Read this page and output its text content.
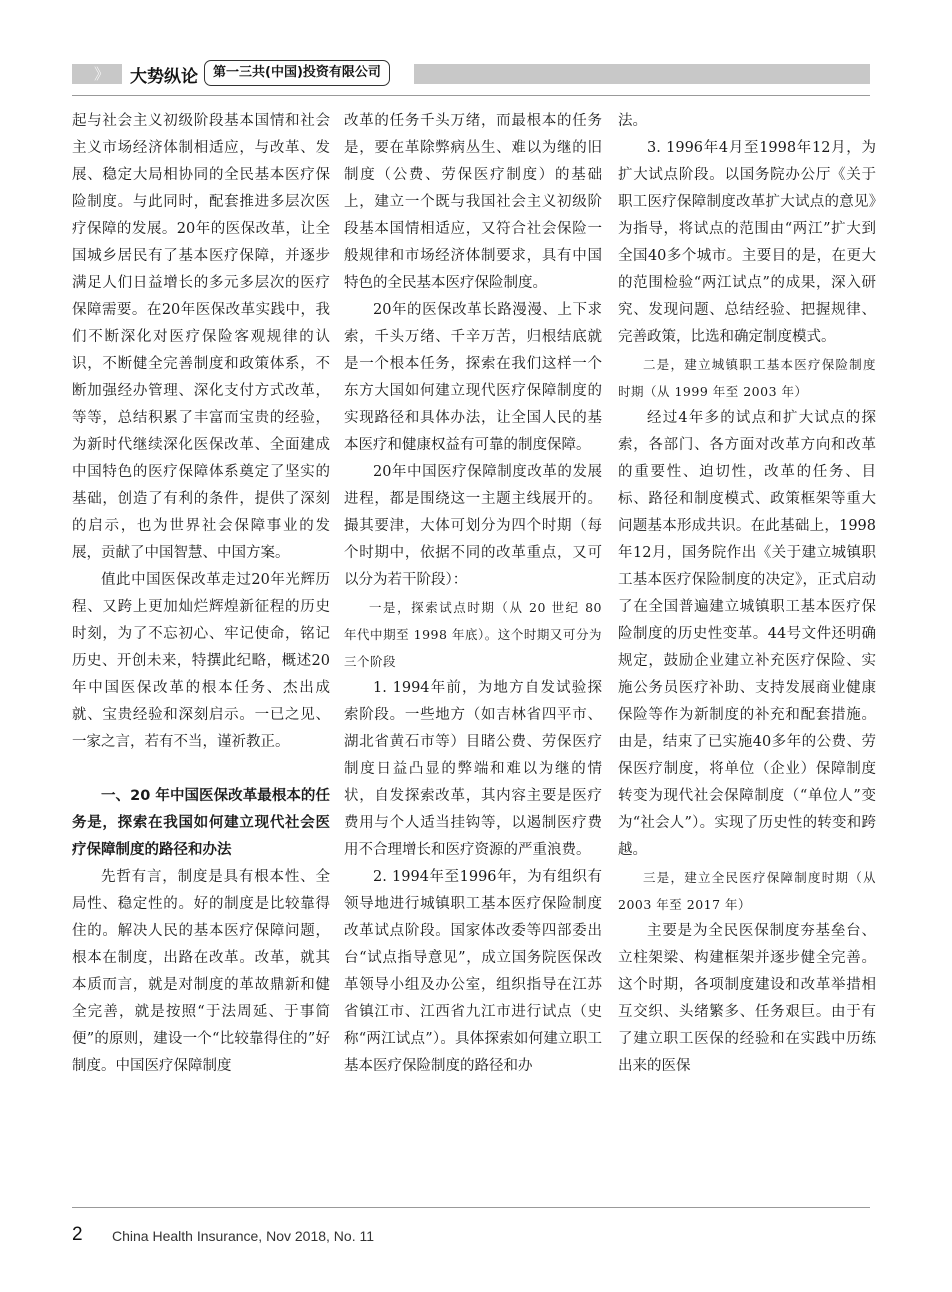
》 大势纵论	第一三共(中国)投资有限公司

起与社会主义初级阶段基本国情和社会主义市场经济体制相适应，与改革、发展、稳定大局相协同的全民基本医疗保险制度。与此同时，配套推进多层次医疗保障的发展。20年的医保改革，让全国城乡居民有了基本医疗保障，并逐步满足人们日益增长的多元多层次的医疗保障需要。在20年医保改革实践中，我们不断深化对医疗保险客观规律的认识，不断健全完善制度和政策体系，不断加强经办管理、深化支付方式改革，等等，总结积累了丰富而宝贵的经验，为新时代继续深化医保改革、全面建成中国特色的医疗保障体系奠定了坚实的基础，创造了有利的条件，提供了深刻的启示，也为世界社会保障事业的发展，贡献了中国智慧、中国方案。

值此中国医保改革走过20年光辉历程、又跨上更加灿烂辉煌新征程的历史时刻，为了不忘初心、牢记使命，铭记历史、开创未来，特撰此纪略，概述20年中国医保改革的根本任务、杰出成就、宝贵经验和深刻启示。一已之见、一家之言，若有不当，谨祈教正。

一、20 年中国医保改革最根本的任务是，探索在我国如何建立现代社会医疗保障制度的路径和办法

先哲有言，制度是具有根本性、全局性、稳定性的。好的制度是比较靠得住的。解决人民的基本医疗保障问题，根本在制度，出路在改革。改革，就其本质而言，就是对制度的革故鼎新和健全完善，就是按照“于法周延、于事简便”的原则，建设一个“比较靠得住的”好制度。中国医疗保障制度

改革的任务千头万绪，而最根本的任务是，要在革除弊病丛生、难以为继的旧制度（公费、劳保医疗制度）的基础上，建立一个既与我国社会主义初级阶段基本国情相适应，又符合社会保险一般规律和市场经济体制要求，具有中国特色的全民基本医疗保险制度。

20年的医保改革长路漫漫、上下求索，千头万绪、千辛万苦，归根结底就是一个根本任务，探索在我们这样一个东方大国如何建立现代医疗保障制度的实现路径和具体办法，让全国人民的基本医疗和健康权益有可靠的制度保障。

20年中国医疗保障制度改革的发展进程，都是围绕这一主题主线展开的。撮其要津，大体可划分为四个时期（每个时期中，依据不同的改革重点，又可以分为若干阶段）：

一是，探索试点时期（从 20 世纪 80 年代中期至 1998 年底）。这个时期又可分为三个阶段

1. 1994年前，为地方自发试验探索阶段。一些地方（如吉林省四平市、湖北省黄石市等）目睹公费、劳保医疗制度日益凸显的弊端和难以为继的情状，自发探索改革，其内容主要是医疗费用与个人适当挂钩等，以遏制医疗费用不合理增长和医疗资源的严重浪费。

2. 1994年至1996年，为有组织有领导地进行城镇职工基本医疗保险制度改革试点阶段。国家体改委等四部委出台“试点指导意见”，成立国务院医保改革领导小组及办公室，组织指导在江苏省镇江市、江西省九江市进行试点（史称“两江试点”）。具体探索如何建立职工基本医疗保险制度的路径和办

法。

3. 1996年4月至1998年12月，为扩大试点阶段。以国务院办公厅《关于职工医疗保障制度改革扩大试点的意见》为指导，将试点的范围由“两江”扩大到全国40多个城市。主要目的是，在更大的范围检验“两江试点”的成果，深入研究、发现问题、总结经验、把握规律、完善政策，比选和确定制度模式。

二是，建立城镇职工基本医疗保险制度时期（从 1999 年至 2003 年）

经过4年多的试点和扩大试点的探索，各部门、各方面对改革方向和改革的重要性、迫切性，改革的任务、目标、路径和制度模式、政策框架等重大问题基本形成共识。在此基础上，1998年12月，国务院作出《关于建立城镇职工基本医疗保险制度的决定》，正式启动了在全国普遍建立城镇职工基本医疗保险制度的历史性变革。44号文件还明确规定，鼓励企业建立补充医疗保险、实施公务员医疗补助、支持发展商业健康保险等作为新制度的补充和配套措施。由是，结束了已实施40多年的公费、劳保医疗制度，将单位（企业）保障制度转变为现代社会保障制度（“单位人”变为“社会人”）。实现了历史性的转变和跨越。

三是，建立全民医疗保障制度时期（从 2003 年至 2017 年）

主要是为全民医保制度夯基垒台、立柱架梁、构建框架并逐步健全完善。这个时期，各项制度建设和改革举措相互交织、头绪繁多、任务艰巨。由于有了建立职工医保的经验和在实践中历练出来的医保

2 China Health Insurance, Nov 2018, No. 11
